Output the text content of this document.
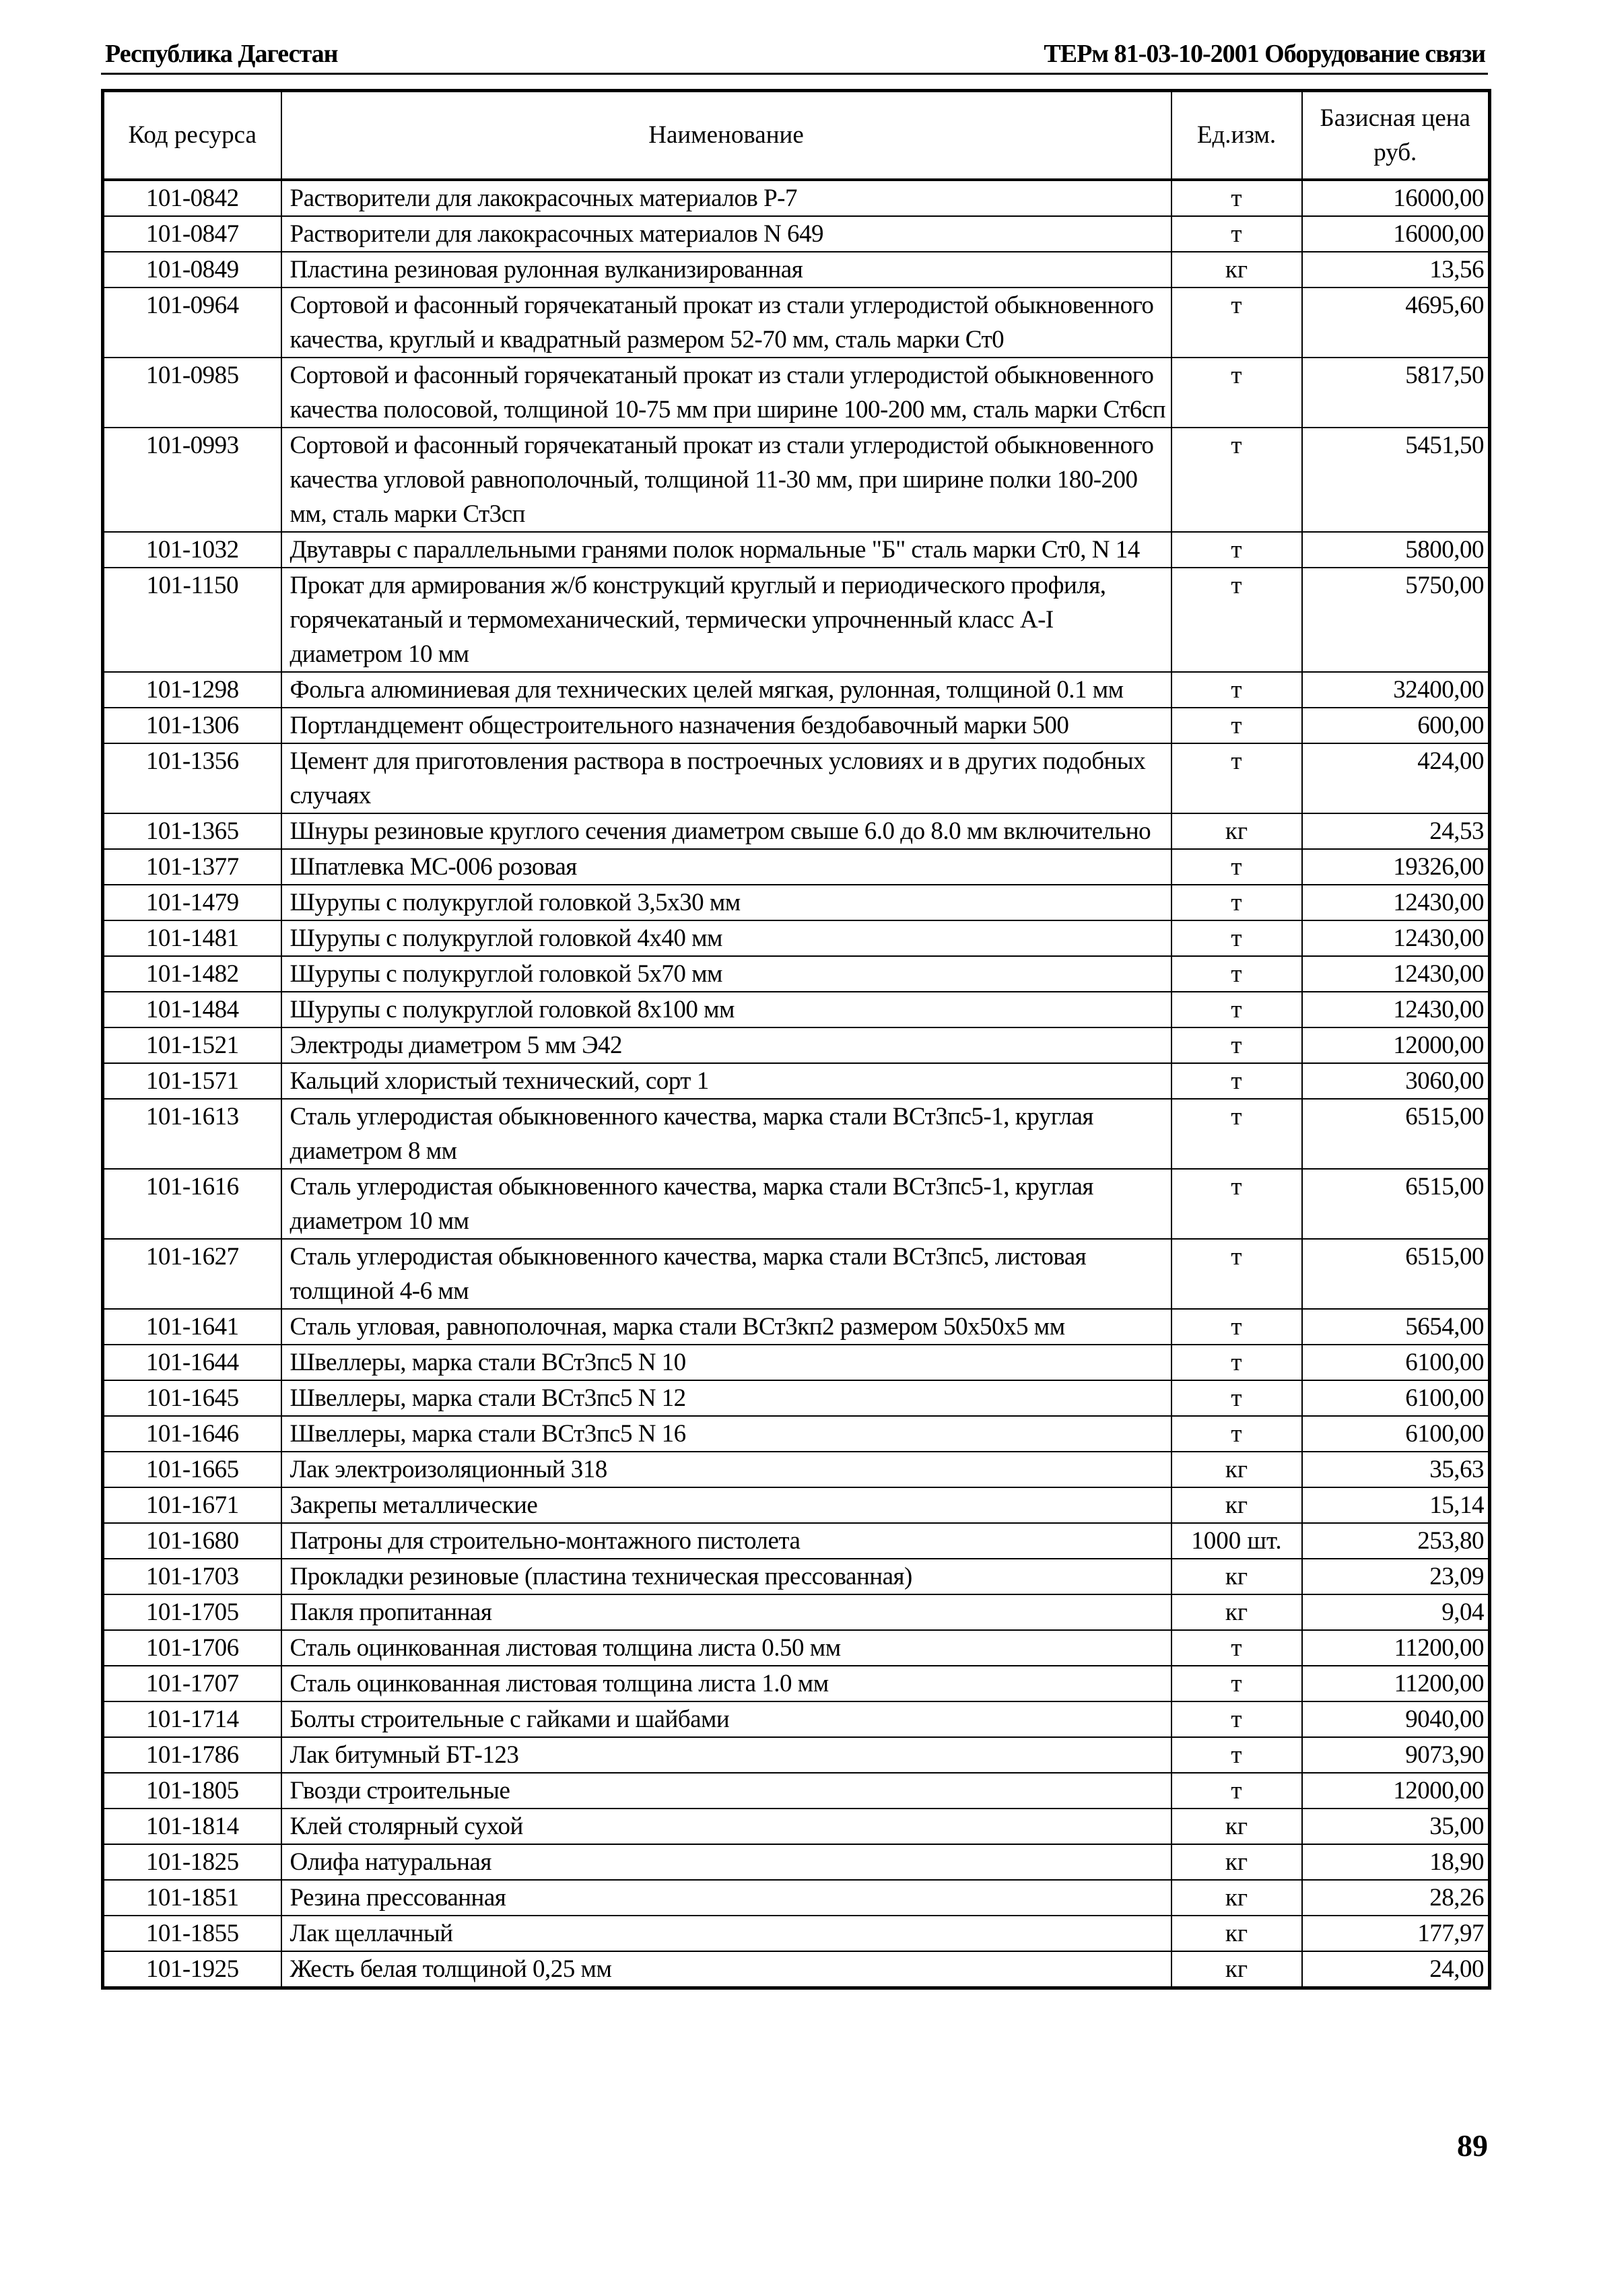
Республика Дагестан	ТЕРм 81-03-10-2001 Оборудование связи
Код ресурса	Наименование	Ед.изм.	Базисная цена
руб.

101-0842	Растворители для лакокрасочных материалов Р-7	т	16000,00
101-0847	Растворители для лакокрасочных материалов N 649	т	16000,00
101-0849	Пластина резиновая рулонная вулканизированная	кг	13,56
101-0964	Сортовой и фасонный горячекатаный прокат из стали углеродистой обыкновенного качества, круглый и квадратный размером 52-70 мм, сталь марки Ст0	т	4695,60
101-0985	Сортовой и фасонный горячекатаный прокат из стали углеродистой обыкновенного качества полосовой, толщиной 10-75 мм при ширине 100-200 мм, сталь марки Ст6сп	т	5817,50
101-0993	Сортовой и фасонный горячекатаный прокат из стали углеродистой обыкновенного качества угловой равнополочный, толщиной 11-30 мм, при ширине полки 180-200 мм, сталь марки Ст3сп	т	5451,50
101-1032	Двутавры с параллельными гранями полок нормальные "Б" сталь марки Ст0, N 14	т	5800,00
101-1150	Прокат для армирования ж/б конструкций круглый и периодического профиля, горячекатаный и термомеханический, термически упрочненный класс А-I диаметром 10 мм	т	5750,00
101-1298	Фольга алюминиевая для технических целей мягкая, рулонная, толщиной 0.1 мм	т	32400,00
101-1306	Портландцемент общестроительного назначения бездобавочный марки 500	т	600,00
101-1356	Цемент для приготовления раствора в построечных условиях и в других подобных случаях	т	424,00
101-1365	Шнуры резиновые круглого сечения диаметром свыше 6.0 до 8.0 мм включительно	кг	24,53
101-1377	Шпатлевка МС-006 розовая	т	19326,00
101-1479	Шурупы с полукруглой головкой 3,5х30 мм	т	12430,00
101-1481	Шурупы с полукруглой головкой 4х40 мм	т	12430,00
101-1482	Шурупы с полукруглой головкой 5х70 мм	т	12430,00
101-1484	Шурупы с полукруглой головкой 8х100 мм	т	12430,00
101-1521	Электроды диаметром 5 мм Э42	т	12000,00
101-1571	Кальций хлористый технический, сорт 1	т	3060,00
101-1613	Сталь углеродистая обыкновенного качества, марка стали ВСт3пс5-1, круглая диаметром 8 мм	т	6515,00
101-1616	Сталь углеродистая обыкновенного качества, марка стали ВСт3пс5-1, круглая диаметром 10 мм	т	6515,00
101-1627	Сталь углеродистая обыкновенного качества, марка стали ВСт3пс5, листовая толщиной 4-6 мм	т	6515,00
101-1641	Сталь угловая, равнополочная, марка стали ВСт3кп2 размером 50х50х5 мм	т	5654,00
101-1644	Швеллеры, марка стали ВСт3пс5 N 10	т	6100,00
101-1645	Швеллеры, марка стали ВСт3пс5 N 12	т	6100,00
101-1646	Швеллеры, марка стали ВСт3пс5 N 16	т	6100,00
101-1665	Лак электроизоляционный 318	кг	35,63
101-1671	Закрепы металлические	кг	15,14
101-1680	Патроны для строительно-монтажного пистолета	1000 шт.	253,80
101-1703	Прокладки резиновые (пластина техническая прессованная)	кг	23,09
101-1705	Пакля пропитанная	кг	9,04
101-1706	Сталь оцинкованная листовая толщина листа 0.50 мм	т	11200,00
101-1707	Сталь оцинкованная листовая толщина листа 1.0 мм	т	11200,00
101-1714	Болты строительные с гайками и шайбами	т	9040,00
101-1786	Лак битумный БТ-123	т	9073,90
101-1805	Гвозди строительные	т	12000,00
101-1814	Клей столярный сухой	кг	35,00
101-1825	Олифа натуральная	кг	18,90
101-1851	Резина прессованная	кг	28,26
101-1855	Лак щеллачный	кг	177,97
101-1925	Жесть белая толщиной 0,25 мм	кг	24,00
89
